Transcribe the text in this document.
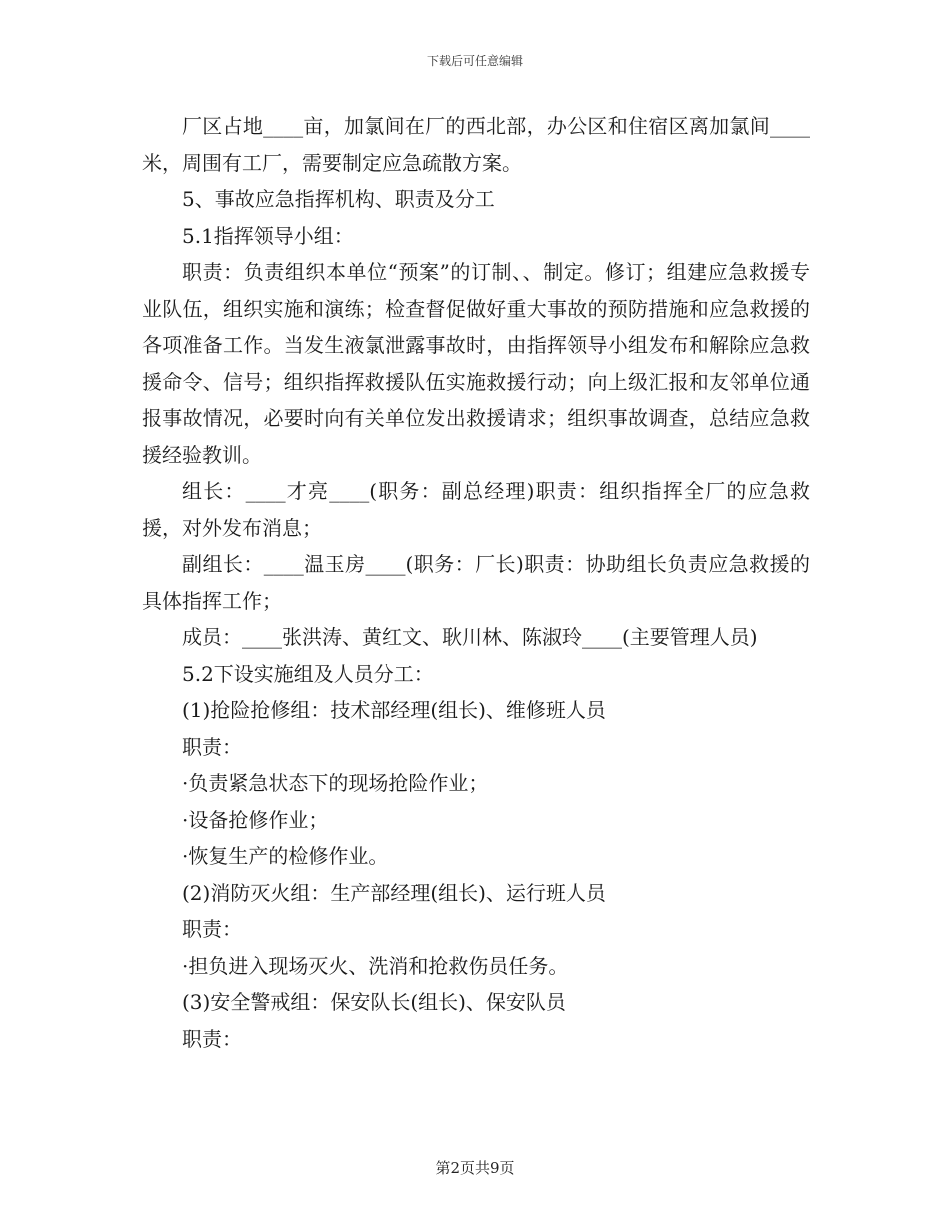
下载后可任意编辑

厂区占地____亩，加氯间在厂的西北部，办公区和住宿区离加氯间____米，周围有工厂，需要制定应急疏散方案。

5、事故应急指挥机构、职责及分工

5.1指挥领导小组：

职责：负责组织本单位“预案”的订制、、制定。修订；组建应急救援专业队伍，组织实施和演练；检查督促做好重大事故的预防措施和应急救援的各项准备工作。当发生液氯泄露事故时，由指挥领导小组发布和解除应急救援命令、信号；组织指挥救援队伍实施救援行动；向上级汇报和友邻单位通报事故情况，必要时向有关单位发出救援请求；组织事故调查，总结应急救援经验教训。

组长：____才亮____(职务：副总经理)职责：组织指挥全厂的应急救援，对外发布消息；

副组长：____温玉房____(职务：厂长)职责：协助组长负责应急救援的具体指挥工作；

成员：____张洪涛、黄红文、耿川林、陈淑玲____(主要管理人员)

5.2下设实施组及人员分工：

(1)抢险抢修组：技术部经理(组长)、维修班人员

职责：

·负责紧急状态下的现场抢险作业；

·设备抢修作业；

·恢复生产的检修作业。

(2)消防灭火组：生产部经理(组长)、运行班人员

职责：

·担负进入现场灭火、洗消和抢救伤员任务。

(3)安全警戒组：保安队长(组长)、保安队员

职责：

第2页共9页
